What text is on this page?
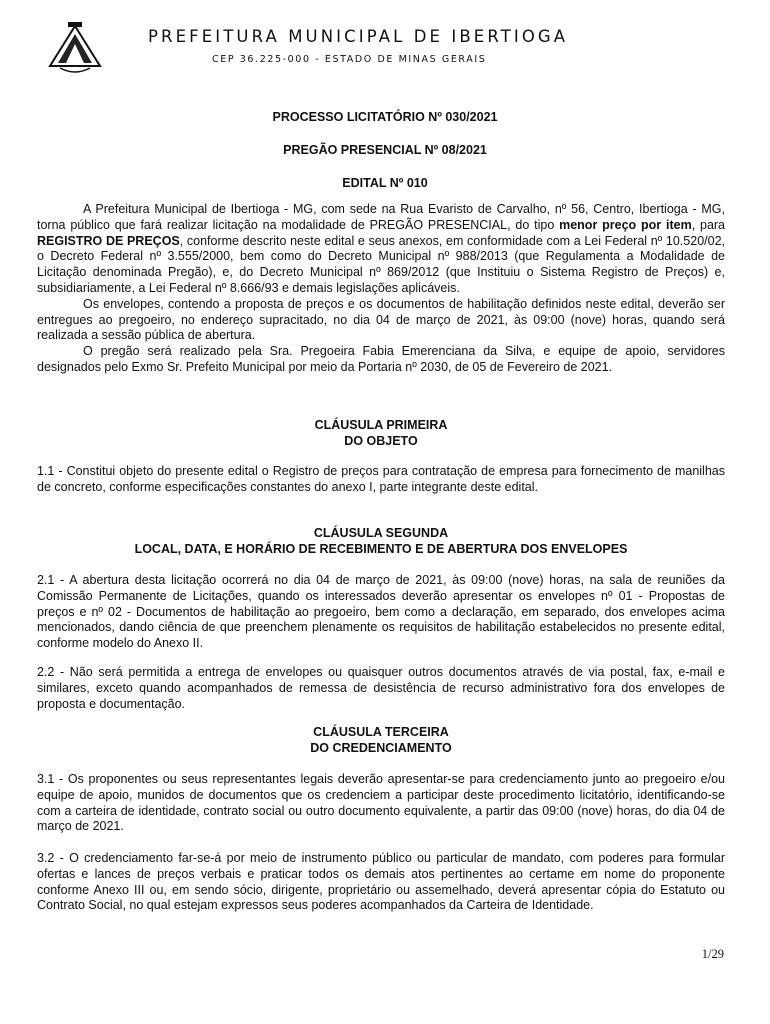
PREFEITURA MUNICIPAL DE IBERTIOGA
CEP 36.225-000 - ESTADO DE MINAS GERAIS
PROCESSO LICITATÓRIO Nº 030/2021
PREGÃO PRESENCIAL Nº 08/2021
EDITAL Nº 010

A Prefeitura Municipal de Ibertioga - MG, com sede na Rua Evaristo de Carvalho, nº 56, Centro, Ibertioga - MG, torna público que fará realizar licitação na modalidade de PREGÃO PRESENCIAL, do tipo menor preço por item, para REGISTRO DE PREÇOS, conforme descrito neste edital e seus anexos, em conformidade com a Lei Federal nº 10.520/02, o Decreto Federal nº 3.555/2000, bem como do Decreto Municipal nº 988/2013 (que Regulamenta a Modalidade de Licitação denominada Pregão), e, do Decreto Municipal nº 869/2012 (que Instituiu o Sistema Registro de Preços) e, subsidiariamente, a Lei Federal nº 8.666/93 e demais legislações aplicáveis.

Os envelopes, contendo a proposta de preços e os documentos de habilitação definidos neste edital, deverão ser entregues ao pregoeiro, no endereço supracitado, no dia 04 de março de 2021, às 09:00 (nove) horas, quando será realizada a sessão pública de abertura.

O pregão será realizado pela Sra. Pregoeira Fabia Emerenciana da Silva, e equipe de apoio, servidores designados pelo Exmo Sr. Prefeito Municipal por meio da Portaria nº 2030, de 05 de Fevereiro de 2021.

CLÁUSULA PRIMEIRA
DO OBJETO
1.1 - Constitui objeto do presente edital o Registro de preços para contratação de empresa para fornecimento de manilhas de concreto, conforme especificações constantes do anexo I, parte integrante deste edital.
CLÁUSULA SEGUNDA
LOCAL, DATA, E HORÁRIO DE RECEBIMENTO E DE ABERTURA DOS ENVELOPES
2.1 - A abertura desta licitação ocorrerá no dia 04 de março de 2021, às 09:00 (nove) horas, na sala de reuniões da Comissão Permanente de Licitações, quando os interessados deverão apresentar os envelopes nº 01 - Propostas de preços e nº 02 - Documentos de habilitação ao pregoeiro, bem como a declaração, em separado, dos envelopes acima mencionados, dando ciência de que preenchem plenamente os requisitos de habilitação estabelecidos no presente edital, conforme modelo do Anexo II.
2.2 - Não será permitida a entrega de envelopes ou quaisquer outros documentos através de via postal, fax, e-mail e similares, exceto quando acompanhados de remessa de desistência de recurso administrativo fora dos envelopes de proposta e documentação.
CLÁUSULA TERCEIRA
DO CREDENCIAMENTO
3.1 - Os proponentes ou seus representantes legais deverão apresentar-se para credenciamento junto ao pregoeiro e/ou equipe de apoio, munidos de documentos que os credenciem a participar deste procedimento licitatório, identificando-se com a carteira de identidade, contrato social ou outro documento equivalente, a partir das 09:00 (nove) horas, do dia 04 de março de 2021.
3.2 - O credenciamento far-se-á por meio de instrumento público ou particular de mandato, com poderes para formular ofertas e lances de preços verbais e praticar todos os demais atos pertinentes ao certame em nome do proponente conforme Anexo III ou, em sendo sócio, dirigente, proprietário ou assemelhado, deverá apresentar cópia do Estatuto ou Contrato Social, no qual estejam expressos seus poderes acompanhados da Carteira de Identidade.
1/29
